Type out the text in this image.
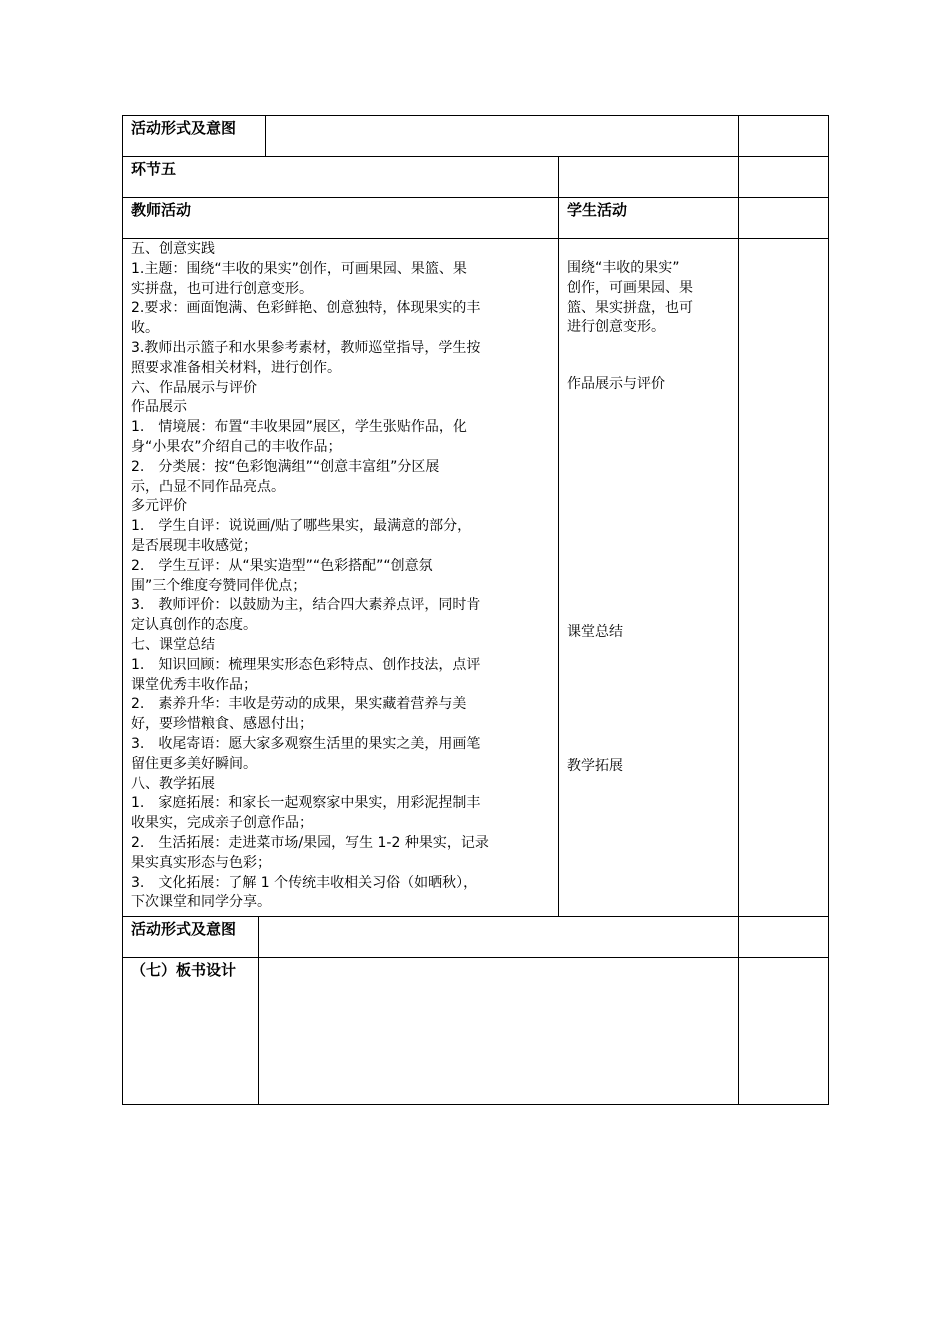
活动形式及意图
环节五
教师活动	学生活动
五、创意实践
1.主题：围绕“丰收的果实”创作，可画果园、果篮、果
实拼盘，也可进行创意变形。
2.要求：画面饱满、色彩鲜艳、创意独特，体现果实的丰
收。
3.教师出示篮子和水果参考素材，教师巡堂指导，学生按
照要求准备相关材料，进行创作。
六、作品展示与评价
作品展示
1.　情境展：布置“丰收果园”展区，学生张贴作品，化
身“小果农”介绍自己的丰收作品；
2.　分类展：按“色彩饱满组”“创意丰富组”分区展
示，凸显不同作品亮点。
多元评价
1.　学生自评：说说画/贴了哪些果实，最满意的部分，
是否展现丰收感觉；
2.　学生互评：从“果实造型”“色彩搭配”“创意氛
围”三个维度夸赞同伴优点；
3.　教师评价：以鼓励为主，结合四大素养点评，同时肯
定认真创作的态度。
七、课堂总结
1.　知识回顾：梳理果实形态色彩特点、创作技法，点评
课堂优秀丰收作品；
2.　素养升华：丰收是劳动的成果，果实藏着营养与美
好，要珍惜粮食、感恩付出；
3.　收尾寄语：愿大家多观察生活里的果实之美，用画笔
留住更多美好瞬间。
八、教学拓展
1.　家庭拓展：和家长一起观察家中果实，用彩泥捏制丰
收果实，完成亲子创意作品；
2.　生活拓展：走进菜市场/果园，写生 1-2 种果实，记录
果实真实形态与色彩；
3.　文化拓展：了解 1 个传统丰收相关习俗（如晒秋），
下次课堂和同学分享。
围绕“丰收的果实”
创作，可画果园、果
篮、果实拼盘，也可
进行创意变形。
作品展示与评价
课堂总结
教学拓展
活动形式及意图
（七）板书设计
